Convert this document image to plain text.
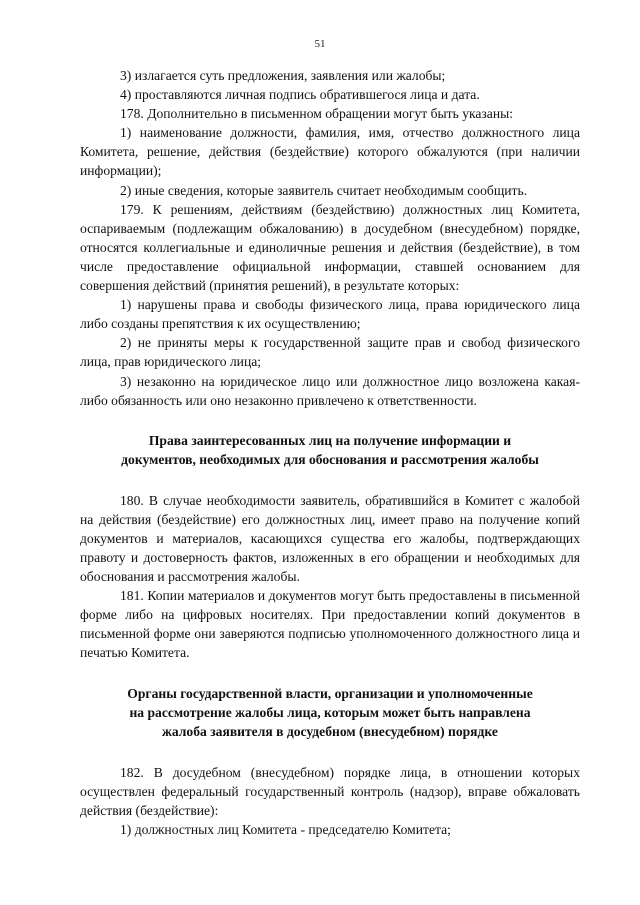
51

3) излагается суть предложения, заявления или жалобы;

4) проставляются личная подпись обратившегося лица и дата.

178. Дополнительно в письменном обращении могут быть указаны:

1) наименование должности, фамилия, имя, отчество должностного лица Комитета, решение, действия (бездействие) которого обжалуются (при наличии информации);

2) иные сведения, которые заявитель считает необходимым сообщить.

179. К решениям, действиям (бездействию) должностных лиц Комитета, оспариваемым (подлежащим обжалованию) в досудебном (внесудебном) порядке, относятся коллегиальные и единоличные решения и действия (бездействие), в том числе предоставление официальной информации, ставшей основанием для совершения действий (принятия решений), в результате которых:

1) нарушены права и свободы физического лица, права юридического лица либо созданы препятствия к их осуществлению;

2) не приняты меры к государственной защите прав и свобод физического лица, прав юридического лица;

3) незаконно на юридическое лицо или должностное лицо возложена какая-либо обязанность или оно незаконно привлечено к ответственности.

Права заинтересованных лиц на получение информации и
документов, необходимых для обоснования и рассмотрения жалобы

180. В случае необходимости заявитель, обратившийся в Комитет с жалобой на действия (бездействие) его должностных лиц, имеет право на получение копий документов и материалов, касающихся существа его жалобы, подтверждающих правоту и достоверность фактов, изложенных в его обращении и необходимых для обоснования и рассмотрения жалобы.

181. Копии материалов и документов могут быть предоставлены в письменной форме либо на цифровых носителях. При предоставлении копий документов в письменной форме они заверяются подписью уполномоченного должностного лица и печатью Комитета.

Органы государственной власти, организации и уполномоченные
на рассмотрение жалобы лица, которым может быть направлена
жалоба заявителя в досудебном (внесудебном) порядке

182. В досудебном (внесудебном) порядке лица, в отношении которых осуществлен федеральный государственный контроль (надзор), вправе обжаловать действия (бездействие):

1) должностных лиц Комитета - председателю Комитета;
